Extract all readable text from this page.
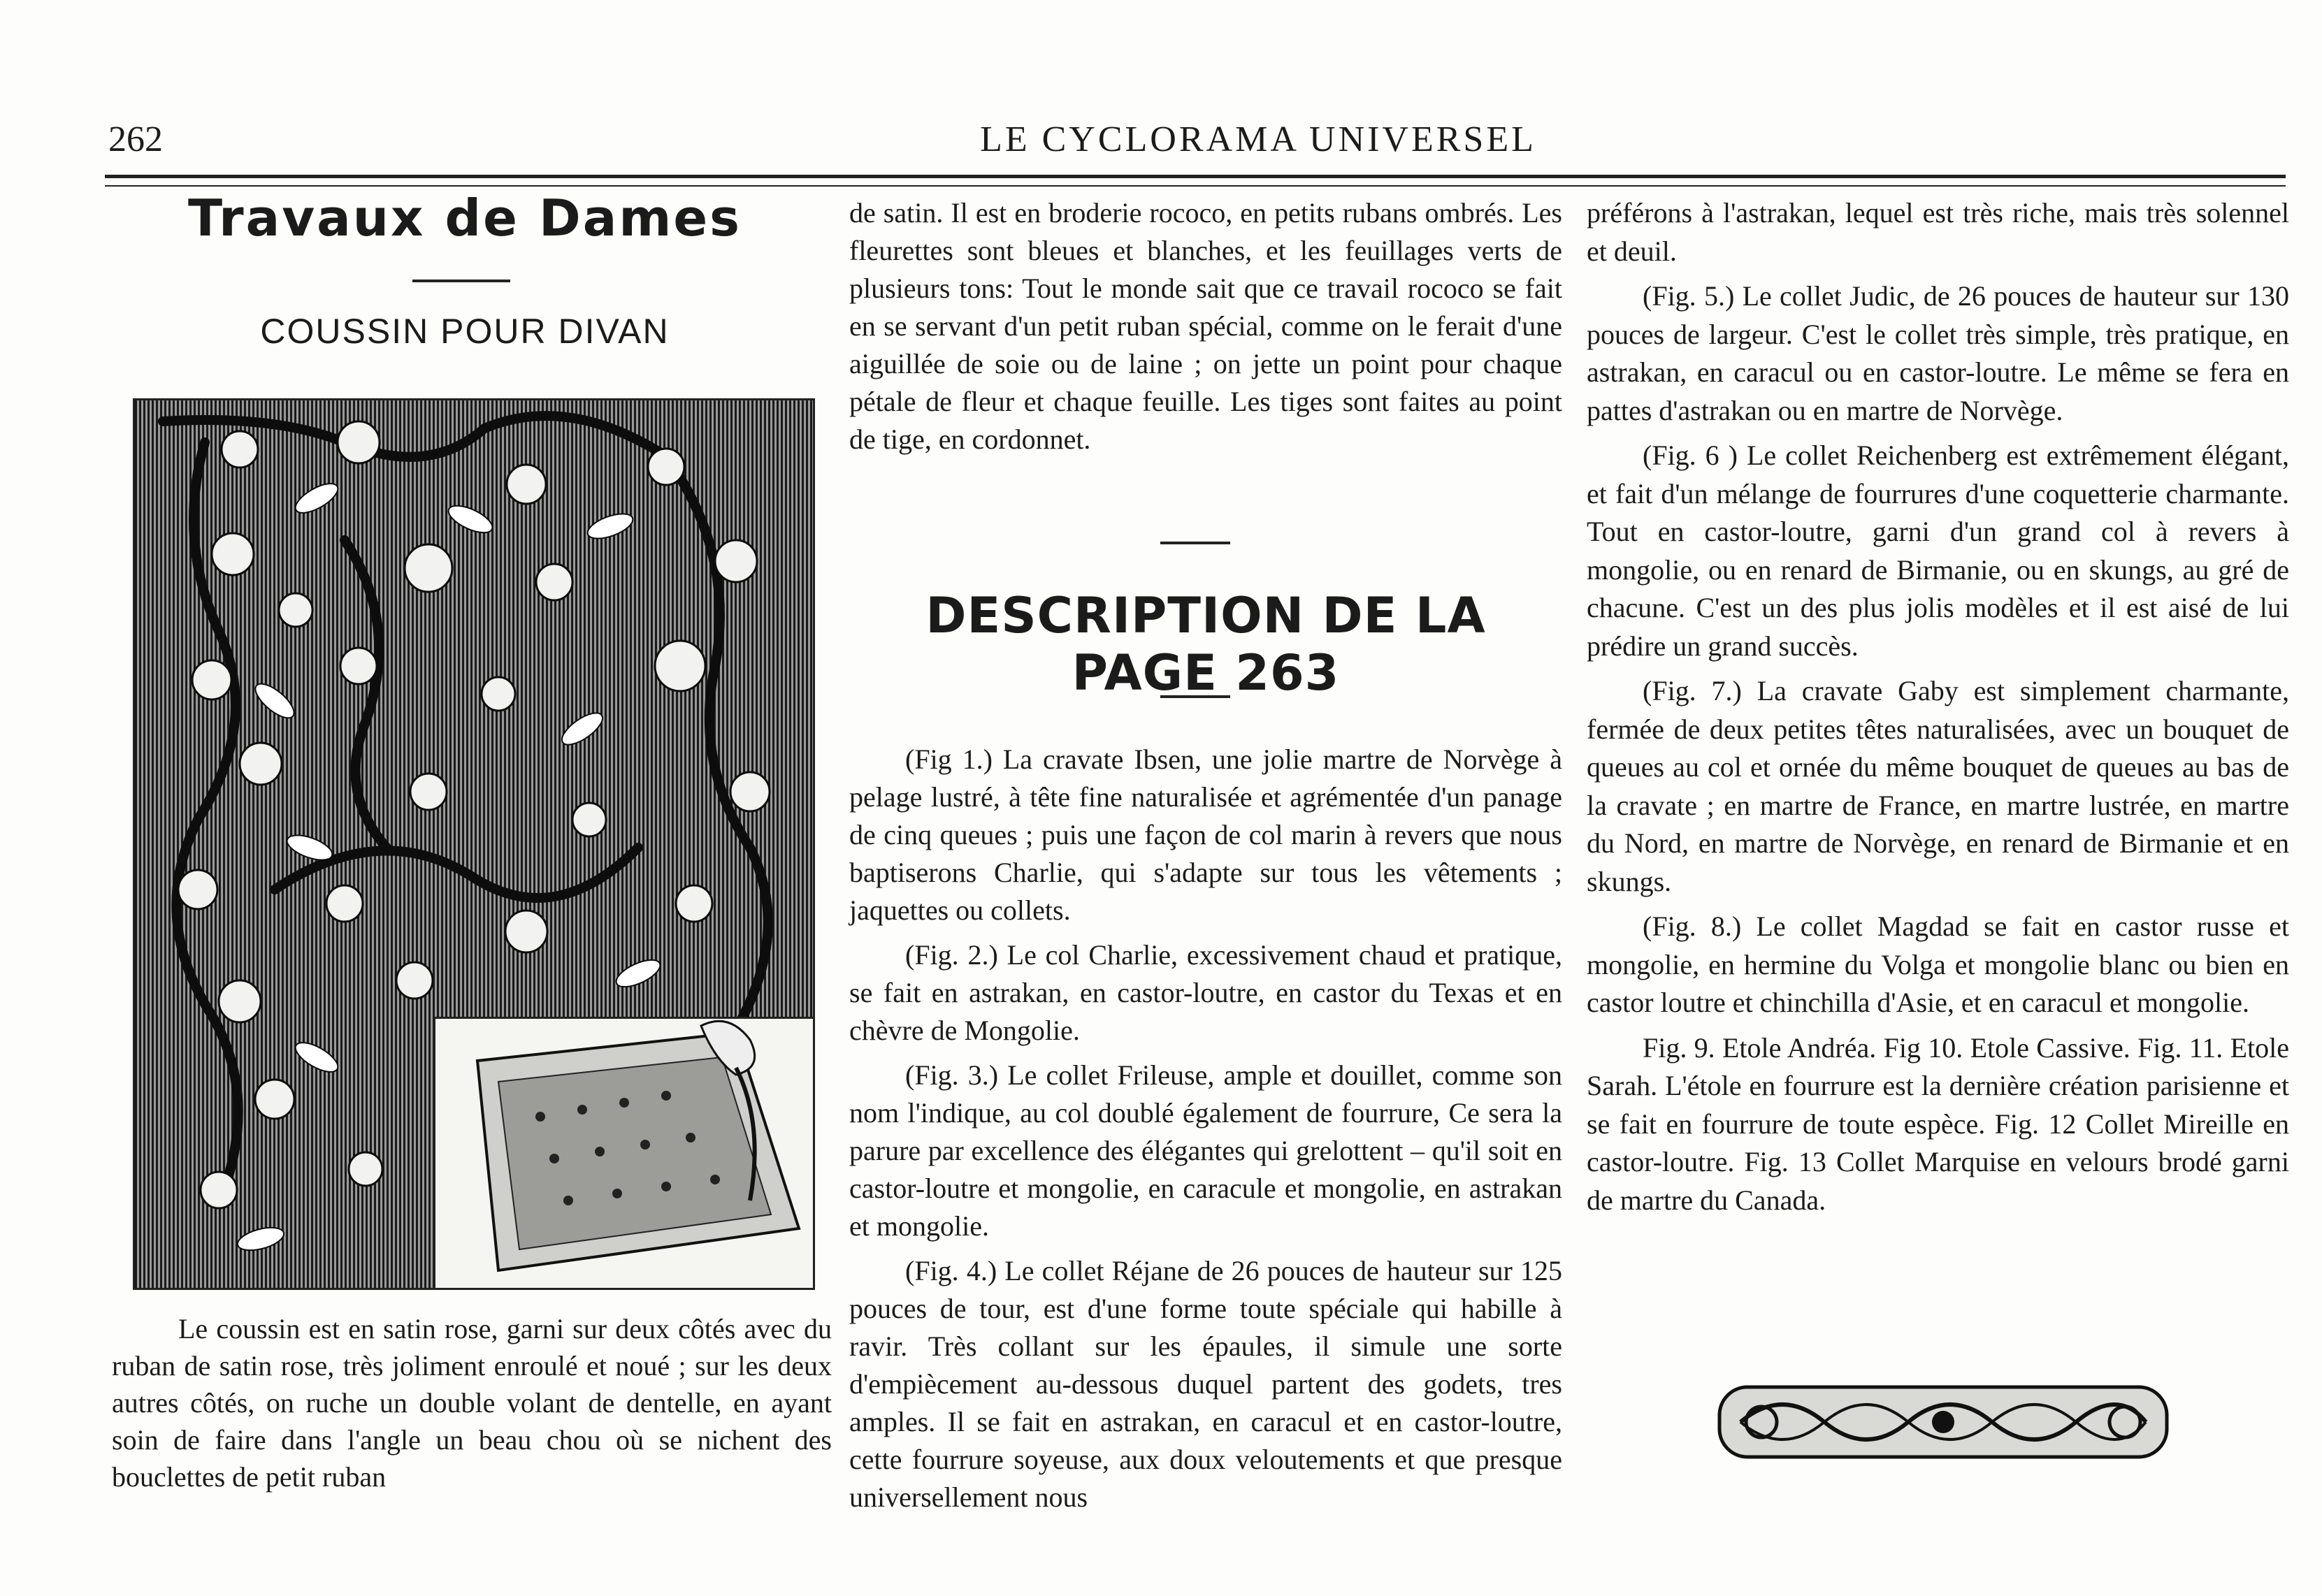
262	LE CYCLORAMA UNIVERSEL
Travaux de Dames
COUSSIN POUR DIVAN

Le coussin est en satin rose, garni sur deux côtés avec du ruban de satin rose, très joliment enroulé et noué ; sur les deux autres côtés, on ruche un double volant de dentelle, en ayant soin de faire dans l'angle un beau chou où se nichent des bouclettes de petit ruban

de satin. Il est en broderie rococo, en petits rubans ombrés. Les fleurettes sont bleues et blanches, et les feuillages verts de plusieurs tons: Tout le monde sait que ce travail rococo se fait en se servant d'un petit ruban spécial, comme on le ferait d'une aiguillée de soie ou de laine ; on jette un point pour chaque pétale de fleur et chaque feuille. Les tiges sont faites au point de tige, en cordonnet.

DESCRIPTION DE LA PAGE 263

(Fig 1.) La cravate Ibsen, une jolie martre de Norvège à pelage lustré, à tête fine naturalisée et agrémentée d'un panage de cinq queues ; puis une façon de col marin à revers que nous baptiserons Charlie, qui s'adapte sur tous les vêtements ; jaquettes ou collets.

(Fig. 2.) Le col Charlie, excessivement chaud et pratique, se fait en astrakan, en castor-loutre, en castor du Texas et en chèvre de Mongolie.

(Fig. 3.) Le collet Frileuse, ample et douillet, comme son nom l'indique, au col doublé également de fourrure, Ce sera la parure par excellence des élégantes qui grelottent – qu'il soit en castor-loutre et mongolie, en caracule et mongolie, en astrakan et mongolie.

(Fig. 4.) Le collet Réjane de 26 pouces de hauteur sur 125 pouces de tour, est d'une forme toute spéciale qui habille à ravir. Très collant sur les épaules, il simule une sorte d'empiècement au-dessous duquel partent des godets, tres amples. Il se fait en astrakan, en caracul et en castor-loutre, cette fourrure soyeuse, aux doux veloutements et que presque universellement nous

préférons à l'astrakan, lequel est très riche, mais très solennel et deuil.

(Fig. 5.) Le collet Judic, de 26 pouces de hauteur sur 130 pouces de largeur. C'est le collet très simple, très pratique, en astrakan, en caracul ou en castor-loutre. Le même se fera en pattes d'astrakan ou en martre de Norvège.

(Fig. 6 ) Le collet Reichenberg est extrêmement élégant, et fait d'un mélange de fourrures d'une coquetterie charmante. Tout en castor-loutre, garni d'un grand col à revers à mongolie, ou en renard de Birmanie, ou en skungs, au gré de chacune. C'est un des plus jolis modèles et il est aisé de lui prédire un grand succès.

(Fig. 7.) La cravate Gaby est simplement charmante, fermée de deux petites têtes naturalisées, avec un bouquet de queues au col et ornée du même bouquet de queues au bas de la cravate ; en martre de France, en martre lustrée, en martre du Nord, en martre de Norvège, en renard de Birmanie et en skungs.

(Fig. 8.) Le collet Magdad se fait en castor russe et mongolie, en hermine du Volga et mongolie blanc ou bien en castor loutre et chinchilla d'Asie, et en caracul et mongolie.

Fig. 9. Etole Andréa. Fig 10. Etole Cassive. Fig. 11. Etole Sarah. L'étole en fourrure est la dernière création parisienne et se fait en fourrure de toute espèce. Fig. 12 Collet Mireille en castor-loutre. Fig. 13 Collet Marquise en velours brodé garni de martre du Canada.
